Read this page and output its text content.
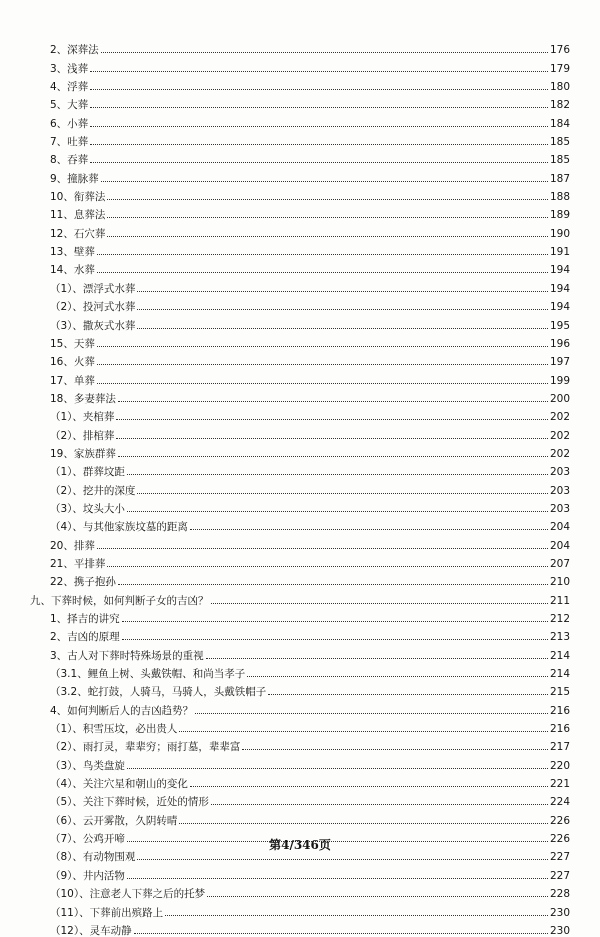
2、深葬法	176
3、浅葬	179
4、浮葬	180
5、大葬	182
6、小葬	184
7、吐葬	185
8、吞葬	185
9、撞脉葬	187
10、衔葬法	188
11、息葬法	189
12、石穴葬	190
13、壁葬	191
14、水葬	194
（1）、漂浮式水葬	194
（2）、投河式水葬	194
（3）、撒灰式水葬	195
15、天葬	196
16、火葬	197
17、单葬	199
18、多妻葬法	200
（1）、夹棺葬	202
（2）、排棺葬	202
19、家族群葬	202
（1）、群葬坟距	203
（2）、挖井的深度	203
（3）、坟头大小	203
（4）、与其他家族坟墓的距离	204
20、排葬	204
21、平排葬	207
22、携子抱孙	210
九、下葬时候，如何判断子女的吉凶？	211
1、择吉的讲究	212
2、吉凶的原理	213
3、古人对下葬时特殊场景的重视	214
（3.1、鲤鱼上树、头戴铁帽、和尚当孝子	214
（3.2、蛇打鼓，人骑马，马骑人，头戴铁帽子	215
4、如何判断后人的吉凶趋势？	216
（1）、积雪压坟，必出贵人	216
（2）、雨打灵，辈辈穷；雨打墓，辈辈富	217
（3）、鸟类盘旋	220
（4）、关注穴星和朝山的变化	221
（5）、关注下葬时候，近处的情形	224
（6）、云开雾散，久阴转晴	226
（7）、公鸡开啼	226
（8）、有动物围观	227
（9）、井内活物	227
（10）、注意老人下葬之后的托梦	228
（11）、下葬前出殡路上	230
（12）、灵车动静	230
第4/346页
